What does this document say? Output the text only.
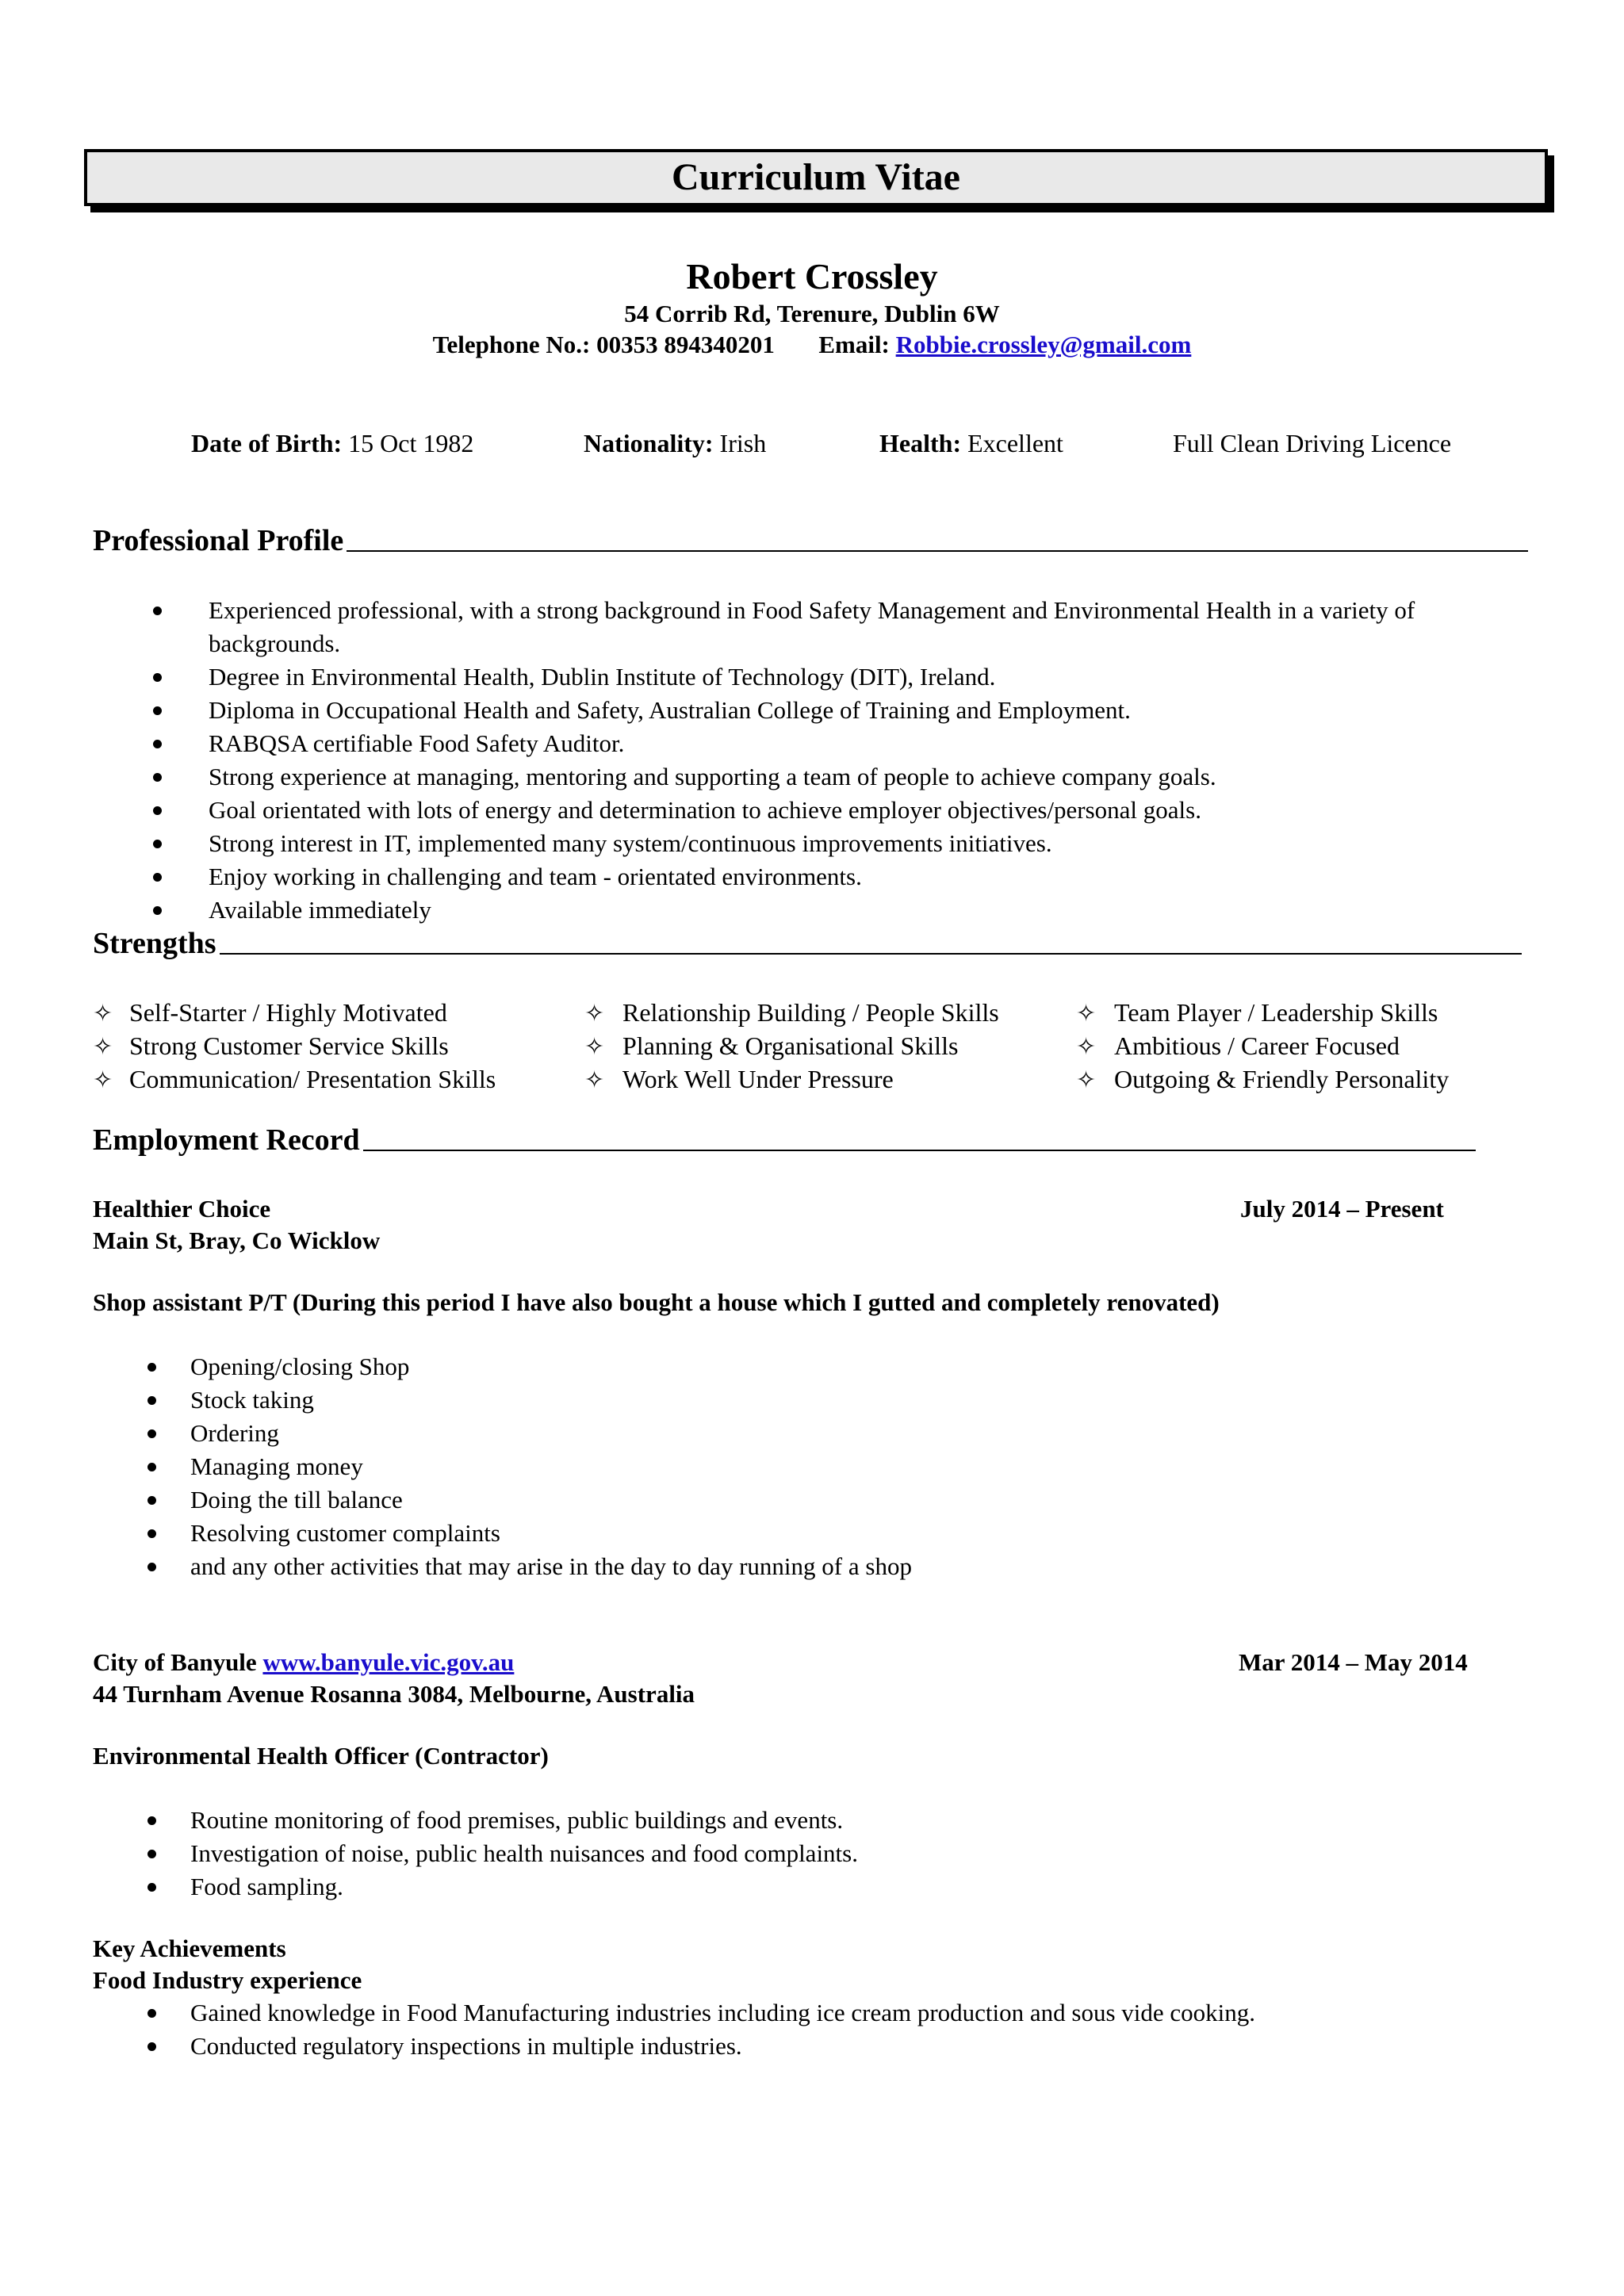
Curriculum Vitae
Robert Crossley
54 Corrib Rd, Terenure, Dublin 6W
Telephone No.: 00353 894340201 Email: Robbie.crossley@gmail.com
Date of Birth: 15 Oct 1982	Nationality: Irish	Health: Excellent	Full Clean Driving Licence
Professional Profile
Experienced professional, with a strong background in Food Safety Management and Environmental Health in a variety of backgrounds.
Degree in Environmental Health, Dublin Institute of Technology (DIT), Ireland.
Diploma in Occupational Health and Safety, Australian College of Training and Employment.
RABQSA certifiable Food Safety Auditor.
Strong experience at managing, mentoring and supporting a team of people to achieve company goals.
Goal orientated with lots of energy and determination to achieve employer objectives/personal goals.
Strong interest in IT, implemented many system/continuous improvements initiatives.
Enjoy working in challenging and team - orientated environments.
Available immediately
Strengths
✧ Self-Starter / Highly Motivated
✧ Strong Customer Service Skills
✧ Communication/ Presentation Skills
✧ Relationship Building / People Skills
✧ Planning & Organisational Skills
✧ Work Well Under Pressure
✧ Team Player / Leadership Skills
✧ Ambitious / Career Focused
✧ Outgoing & Friendly Personality
Employment Record
Healthier Choice	July 2014 – Present
Main St, Bray, Co Wicklow
Shop assistant P/T (During this period I have also bought a house which I gutted and completely renovated)
Opening/closing Shop
Stock taking
Ordering
Managing money
Doing the till balance
Resolving customer complaints
and any other activities that may arise in the day to day running of a shop
City of Banyule www.banyule.vic.gov.au	Mar 2014 – May 2014
44 Turnham Avenue Rosanna 3084, Melbourne, Australia
Environmental Health Officer (Contractor)
Routine monitoring of food premises, public buildings and events.
Investigation of noise, public health nuisances and food complaints.
Food sampling.
Key Achievements
Food Industry experience
Gained knowledge in Food Manufacturing industries including ice cream production and sous vide cooking.
Conducted regulatory inspections in multiple industries.
